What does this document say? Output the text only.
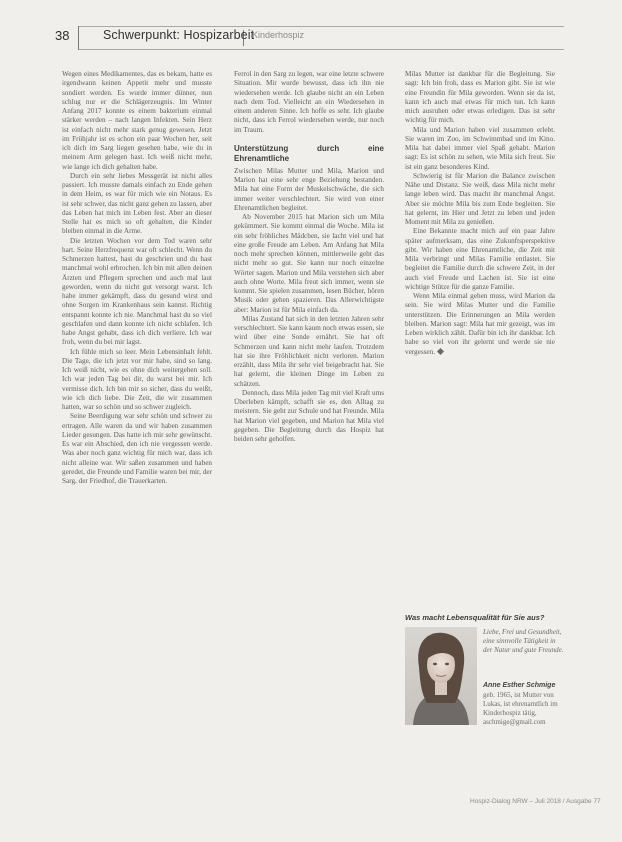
38	Schwerpunkt: Hospizarbeit
Kinderhospiz

Wegen eines Medikamentes, das es bekam, hatte es irgendwann keinen Appetit mehr und musste sondiert werden. Es wurde immer dünner, nun schlug nur er die Schlägerzeugnis. Im Winter Anfang 2017 konnte es einem bakterium einmal stärker werden – nach langen Infekten. Sein Herz ist einfach nicht mehr stark genug gewesen. Jetzt im Frühjahr ist es schon ein paar Wochen her, seit ich dich im Sarg liegen gesehen habe, wie du in meinem Arm gelegen hast. Ich weiß nicht mehr, wie lange ich dich gehalten habe.

Durch ein sehr liebes Messgerät ist nicht alles passiert. Ich musste damals einfach zu Ende gehen in dem Heim, es war für mich wie ein Notaus. Es ist sehr schwer, das nicht ganz gehen zu lassen, aber das Leben hat mich im Leben fest. Aber an dieser Stelle hat es mich so oft gehalten, die Kinder bleiben einmal in die Arme.

Die letzten Wochen vor dem Tod waren sehr hart. Seine Herzfrequenz war oft schlecht. Wenn du Schmerzen hattest, hast du geschrien und du hast manchmal wohl erbrochen. Ich bin mit allen deinen Ärzten und Pflegern sprechen und auch mal laut geworden, wenn du nicht gut versorgt warst. Ich habe immer gekämpft, dass du gesund wirst und ohne Sorgen im Krankenhaus sein kannst. Richtig entspannt konnte ich nie. Manchmal hast du so viel geschlafen und dann konnte ich nicht schlafen. Ich habe Angst gehabt, dass ich dich verliere. Ich war froh, wenn du bei mir lagst.

Ich fühle mich so leer. Mein Lebensinhalt fehlt. Die Tage, die ich jetzt vor mir habe, sind so lang. Ich weiß nicht, wie es ohne dich weitergehen soll. Ich war jeden Tag bei dir, du warst bei mir. Ich vermisse dich. Ich bin mir so sicher, dass du weißt, wie ich dich liebe. Die Zeit, die wir zusammen hatten, war so schön und so schwer zugleich.

Seine Beerdigung war sehr schön und schwer zu ertragen. Alle waren da und wir haben zusammen Lieder gesungen. Das hatte ich mir sehr gewünscht. Es war ein Abschied, den ich nie vergessen werde. Was aber noch ganz wichtig für mich war, dass ich nicht alleine war. Wir saßen zusammen und haben geredet, die Freunde und Familie waren bei mir, der Sarg, der Friedhof, die Trauerkarten.

Ferrol in den Sarg zu legen, war eine letzte schwere Situation. Mir wurde bewusst, dass ich ihn nie wiedersehen werde. Ich glaube nicht an ein Leben nach dem Tod. Vielleicht an ein Wiedersehen in einem anderen Sinne. Ich hoffe es sehr. Ich glaube nicht, dass ich Ferrol wiedersehen werde, nur noch im Traum.

Unterstützung durch eine Ehrenamtliche

Zwischen Milas Mutter und Mila, Marion und Marion hat eine sehr enge Beziehung bestanden. Mila hat eine Form der Muskelschwäche, die sich immer weiter verschlechtert. Sie wird von einer Ehrenamtlichen begleitet.

Ab November 2015 hat Marion sich um Mila gekümmert. Sie kommt einmal die Woche. Mila ist ein sehr fröhliches Mädchen, sie lacht viel und hat eine große Freude am Leben. Am Anfang hat Mila noch mehr sprechen können, mittlerweile geht das nicht mehr so gut. Sie kann nur noch einzelne Wörter sagen. Marion und Mila verstehen sich aber auch ohne Worte. Mila freut sich immer, wenn sie kommt. Sie spielen zusammen, lesen Bücher, hören Musik oder gehen spazieren. Das Allerwichtigste aber: Marion ist für Mila einfach da.

Milas Zustand hat sich in den letzten Jahren sehr verschlechtert. Sie kann kaum noch etwas essen, sie wird über eine Sonde ernährt. Sie hat oft Schmerzen und kann nicht mehr laufen. Trotzdem hat sie ihre Fröhlichkeit nicht verloren. Marion erzählt, dass Mila ihr sehr viel beigebracht hat. Sie hat gelernt, die kleinen Dinge im Leben zu schätzen.

Dennoch, dass Mila jeden Tag mit viel Kraft ums Überleben kämpft, schafft sie es, den Alltag zu meistern. Sie geht zur Schule und hat Freunde. Mila hat Marion viel gegeben, und Marion hat Mila viel gegeben. Die Begleitung durch das Hospiz hat beiden sehr geholfen.

Milas Mutter ist dankbar für die Begleitung. Sie sagt: Ich bin froh, dass es Marion gibt. Sie ist wie eine Freundin für Mila geworden. Wenn sie da ist, kann ich auch mal etwas für mich tun. Ich kann mich ausruhen oder etwas erledigen. Das ist sehr wichtig für mich.

Mila und Marion haben viel zusammen erlebt. Sie waren im Zoo, im Schwimmbad und im Kino. Mila hat dabei immer viel Spaß gehabt. Marion sagt: Es ist schön zu sehen, wie Mila sich freut. Sie ist ein ganz besonderes Kind.

Schwierig ist für Marion die Balance zwischen Nähe und Distanz. Sie weiß, dass Mila nicht mehr lange leben wird. Das macht ihr manchmal Angst. Aber sie möchte Mila bis zum Ende begleiten. Sie hat gelernt, im Hier und Jetzt zu leben und jeden Moment mit Mila zu genießen.

Eine Bekannte macht mich auf ein paar Jahre später aufmerksam, das eine Zukunftsperspektive gibt. Wir haben eine Ehrenamtliche, die Zeit mit Mila verbringt und Milas Familie entlastet. Sie begleitet die Familie durch die schwere Zeit, in der auch viel Freude und Lachen ist. Sie ist eine wichtige Stütze für die ganze Familie.

Wenn Mila einmal gehen muss, wird Marion da sein. Sie wird Milas Mutter und die Familie unterstützen. Die Erinnerungen an Mila werden bleiben. Marion sagt: Mila hat mir gezeigt, was im Leben wirklich zählt. Dafür bin ich ihr dankbar. Ich habe so viel von ihr gelernt und werde sie nie vergessen.

Was macht Lebensqualität für Sie aus?
Liebe, Frei und Gesundheit, eine sinnvolle Tätigkeit in der Natur und gute Freunde.
Anne Esther Schmige
geb. 1965, ist Mutter von Lukas, ist ehrenamtlich im Kinderhospiz tätig, aschmige@gmail.com
Hospiz-Dialog NRW – Juli 2018 / Ausgabe 77
